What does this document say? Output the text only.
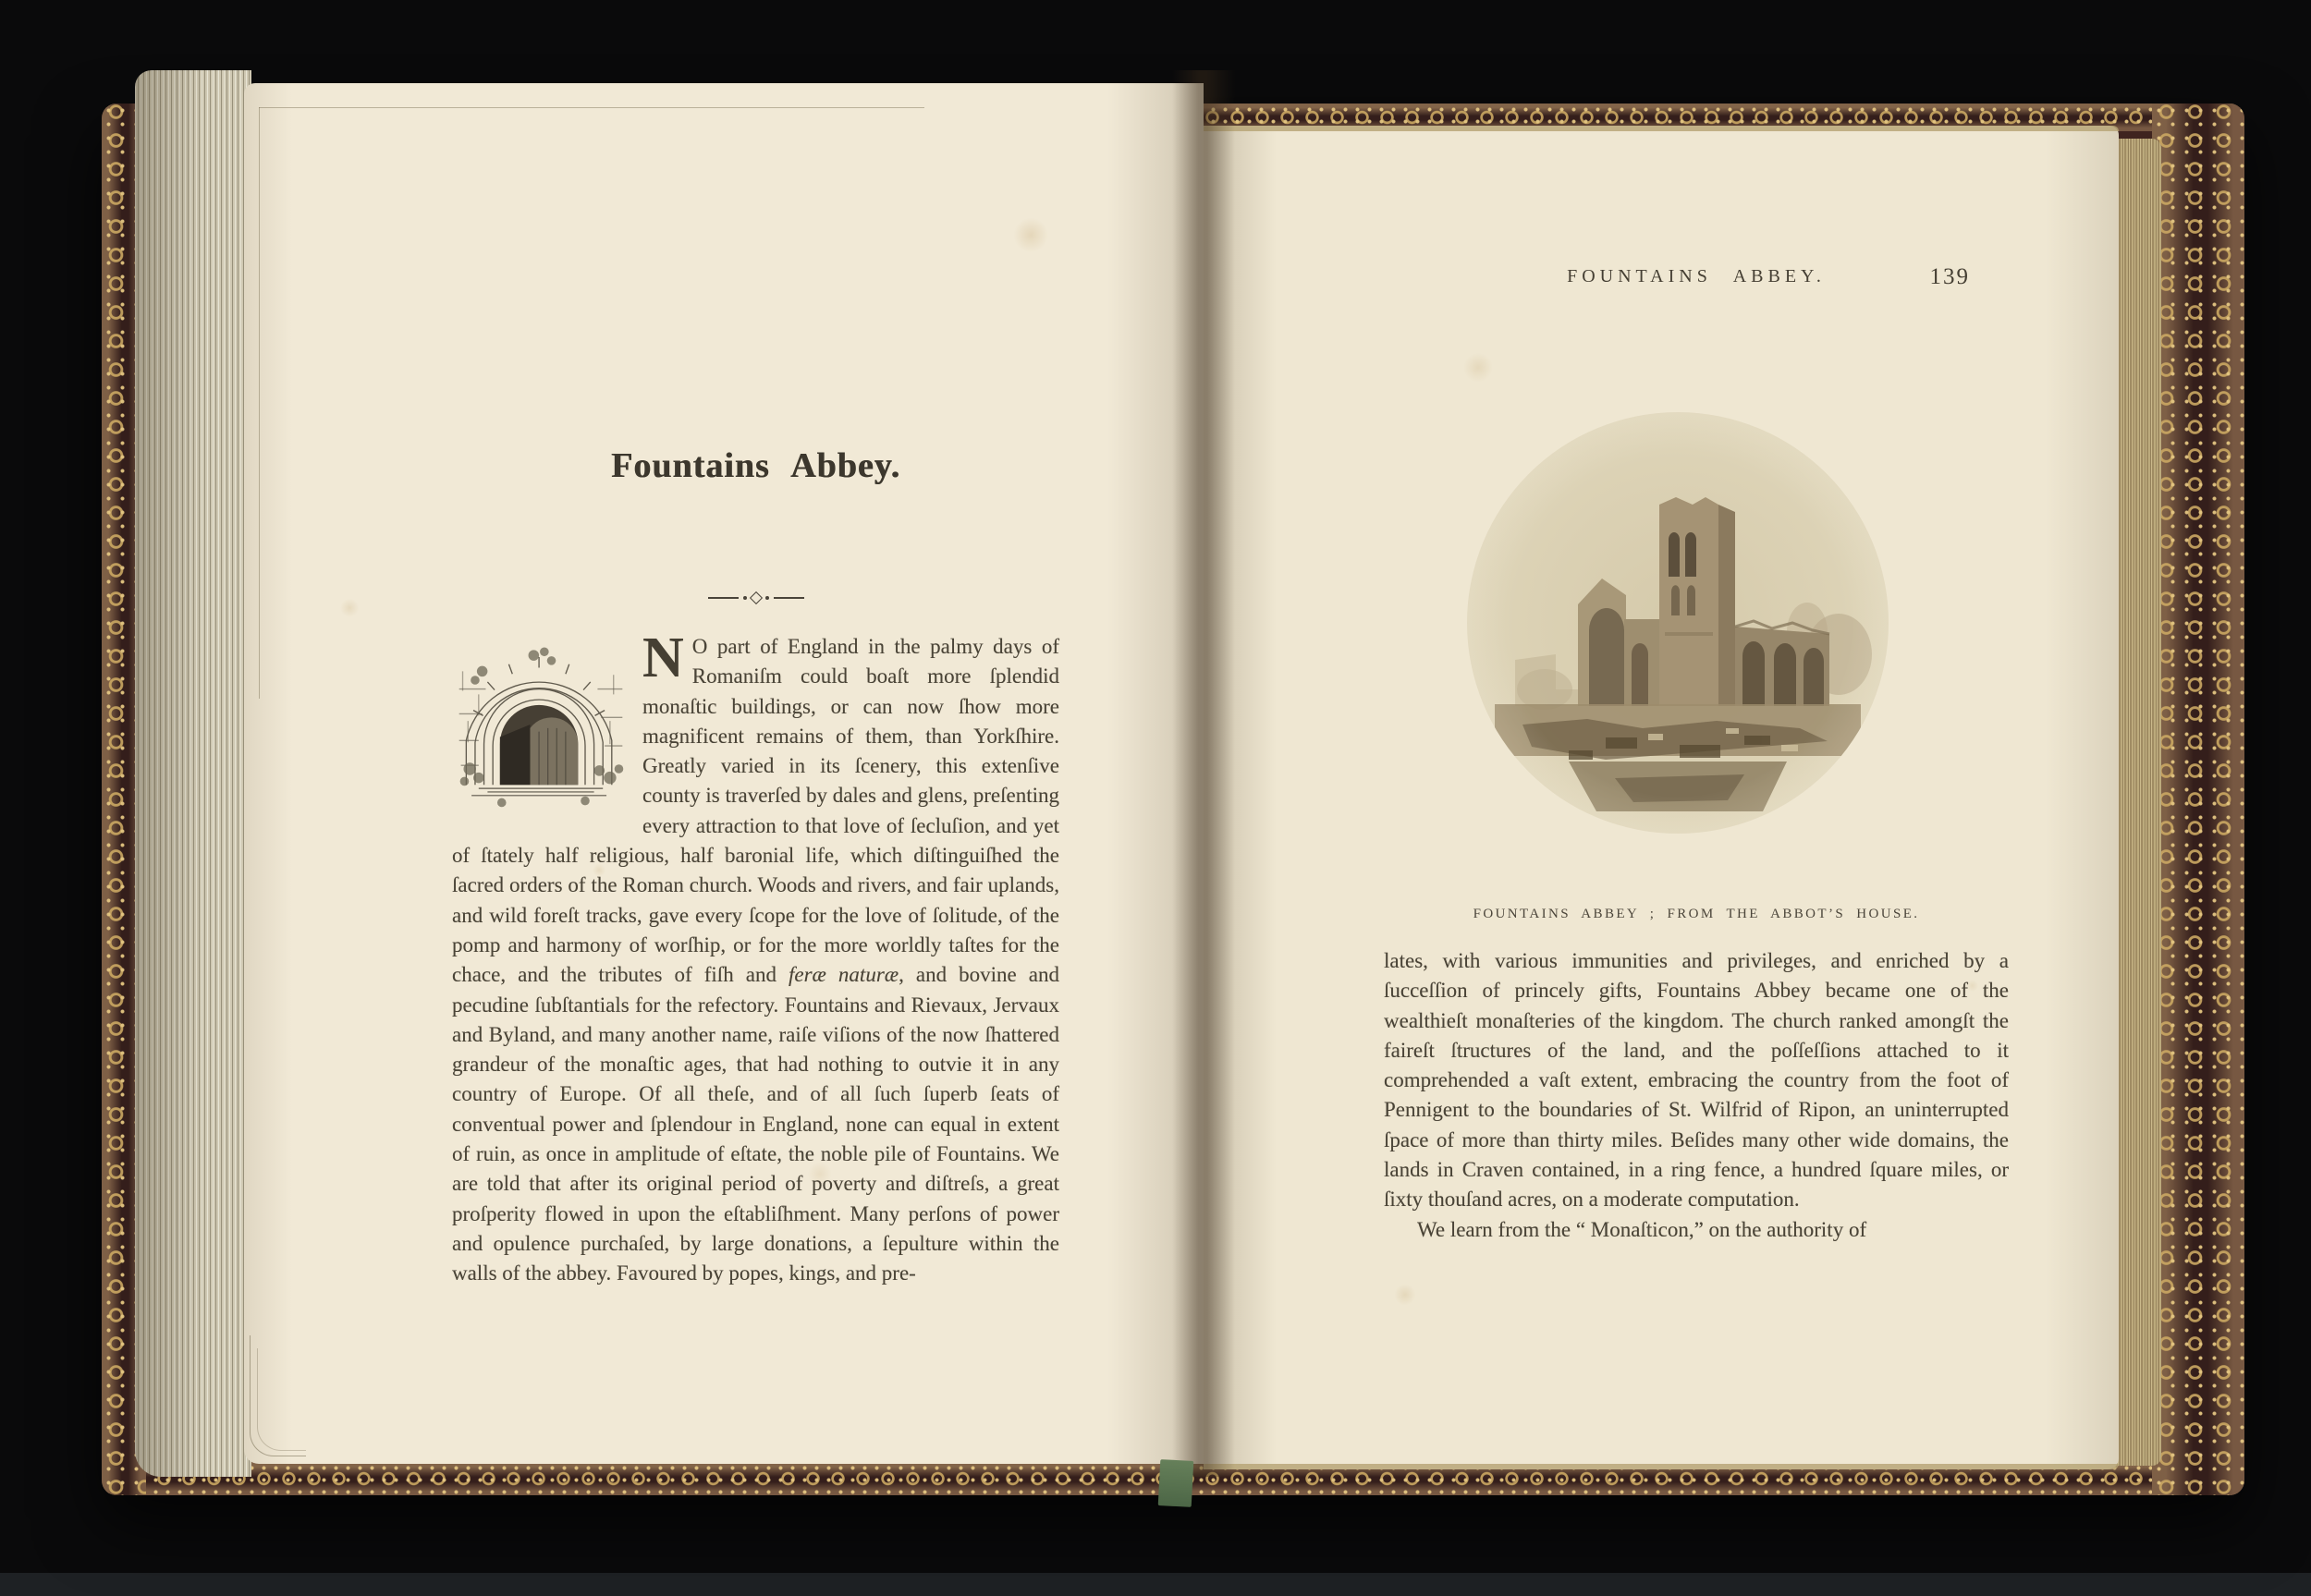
Fountains Abbey.
N O part of England in the palmy days of Romaniſm could boaſt more ſplendid monaſtic buildings, or can now ſhow more magnificent remains of them, than Yorkſhire. Greatly varied in its ſcenery, this extenſive county is traverſed by dales and glens, preſenting every attraction to that love of ſecluſion, and yet of ſtately half religious, half baronial life, which diſtinguiſhed the ſacred orders of the Roman church. Woods and rivers, and fair uplands, and wild foreſt tracks, gave every ſcope for the love of ſolitude, of the pomp and harmony of worſhip, or for the more worldly taſtes for the chace, and the tributes of fiſh and feræ naturæ, and bovine and pecudine ſubſtantials for the refectory. Fountains and Rievaux, Jervaux and Byland, and many another name, raiſe viſions of the now ſhattered grandeur of the monaſtic ages, that had nothing to outvie it in any country of Europe. Of all theſe, and of all ſuch ſuperb ſeats of conventual power and ſplendour in England, none can equal in extent of ruin, as once in amplitude of eſtate, the noble pile of Fountains. We are told that after its original period of poverty and diſtreſs, a great proſperity flowed in upon the eſtabliſhment. Many perſons of power and opulence purchaſed, by large donations, a ſepulture within the walls of the abbey. Favoured by popes, kings, and pre-
FOUNTAINS ABBEY.	139
FOUNTAINS ABBEY ; FROM THE ABBOT’S HOUSE.

lates, with various immunities and privileges, and enriched by a ſucceſſion of princely gifts, Fountains Abbey became one of the wealthieſt monaſteries of the kingdom. The church ranked amongſt the faireſt ſtructures of the land, and the poſſeſſions attached to it comprehended a vaſt extent, embracing the country from the foot of Pennigent to the boundaries of St. Wilfrid of Ripon, an uninterrupted ſpace of more than thirty miles. Beſides many other wide domains, the lands in Craven contained, in a ring fence, a hundred ſquare miles, or ſixty thouſand acres, on a moderate computation.

We learn from the “ Monaſticon,” on the authority of
